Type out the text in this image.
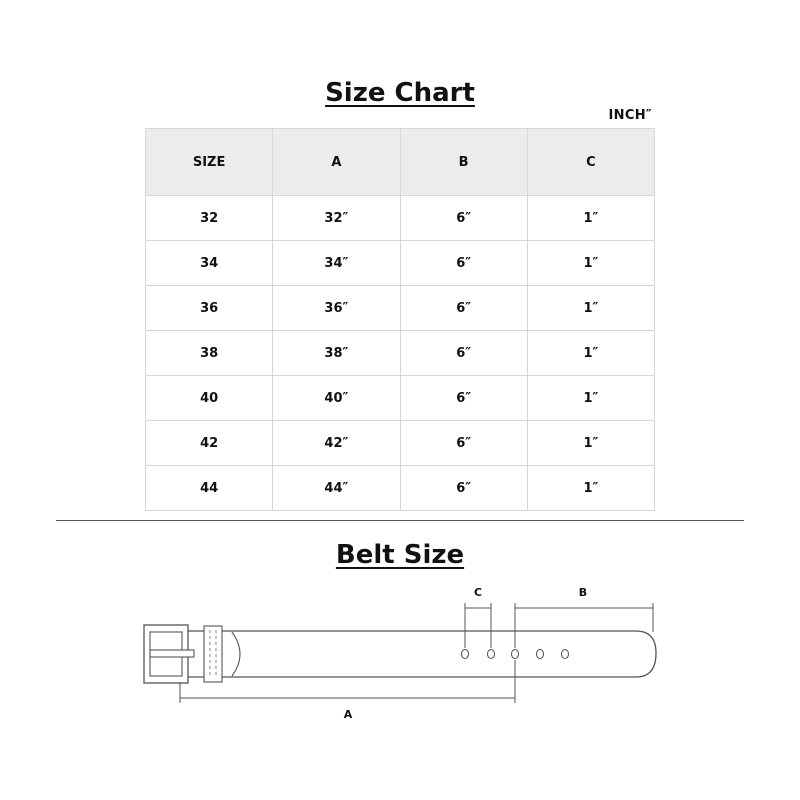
Size Chart
INCH″
SIZE	A	B	C
32	32″	6″	1″
34	34″	6″	1″
36	36″	6″	1″
38	38″	6″	1″
40	40″	6″	1″
42	42″	6″	1″
44	44″	6″	1″
Belt Size
C	B
A
